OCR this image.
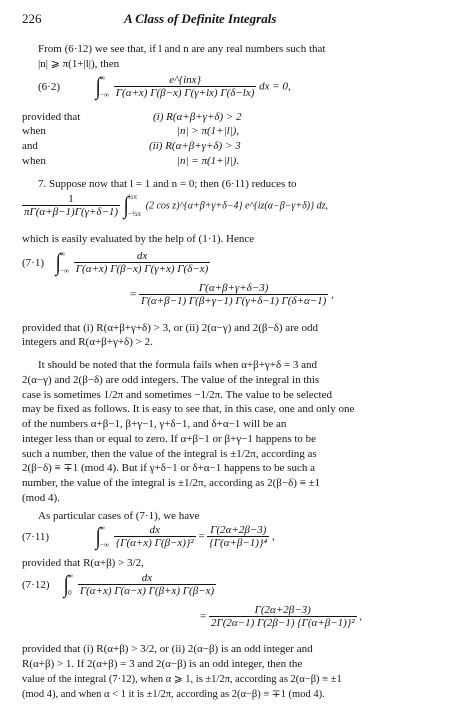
226	A Class of Definite Integrals
From (6·12) we see that, if l and n are any real numbers such that
|n| ⩾ π(1+|l|), then
(6·2) ∫ ∞
−∞
$\frac{\text{e\textasciicircum{}\{inx\}}}{\Gamma(\alpha+x) \Gamma(\beta-x) \Gamma(\gamma+lx) \Gamma(\delta-lx)}$ dx = 0,
provided that	(i) R(α+β+γ+δ) > 2
when	|n| > π(1+|l|),
and	(ii) R(α+β+γ+δ) > 3
when	|n| = π(1+|l|).
7. Suppose now that l = 1 and n = 0; then (6·11) reduces to
$\frac{1}{\pi\Gamma(\alpha+\beta-1)\Gamma(\gamma+\delta-1)}$ ∫ ½π
−½π
(2 cos z)^{α+β+γ+δ−4} e^{iz(α−β−γ+δ)} dz,
which is easily evaluated by the help of (1·1). Hence
(7·1) ∫ ∞
−∞
$\frac{dx}{\Gamma(\alpha+x) \Gamma(\beta-x) \Gamma(\gamma+x) \Gamma(\delta-x)}$
= $\frac{\Gamma(\alpha+\beta+\gamma+\delta-3)}{\Gamma(\alpha+\beta-1) \Gamma(\beta+\gamma-1) \Gamma(\gamma+\delta-1) \Gamma(\delta+\alpha-1)}$ ,
provided that (i) R(α+β+γ+δ) > 3, or (ii) 2(α−γ) and 2(β−δ) are odd
integers and R(α+β+γ+δ) > 2.
It should be noted that the formula fails when α+β+γ+δ = 3 and
2(α−γ) and 2(β−δ) are odd integers. The value of the integral in this
case is sometimes 1/2π and sometimes −1/2π. The value to be selected
may be fixed as follows. It is easy to see that, in this case, one and only one
of the numbers α+β−1, β+γ−1, γ+δ−1, and δ+α−1 will be an
integer less than or equal to zero. If α+β−1 or β+γ−1 happens to be
such a number, then the value of the integral is ±1/2π, according as
2(β−δ) ≡ ∓1 (mod 4). But if γ+δ−1 or δ+α−1 happens to be such a
number, the value of the integral is ±1/2π, according as 2(β−δ) ≡ ±1
(mod 4).
As particular cases of (7·1), we have
(7·11) ∫ ∞
−∞
$\frac{dx}{\text{\{Γ(α+x) Γ(β−x)\}²}} = \frac{\Gamma(2\alpha+2\beta-3)}{\text{\{Γ(α+β−1)\}⁴}}$ ,
provided that R(α+β) > 3/2,
(7·12) ∫ ∞
0
$\frac{dx}{\Gamma(\alpha+x) \Gamma(\alpha-x) \Gamma(\beta+x) \Gamma(\beta-x)}$
= $\frac{\Gamma(2\alpha+2\beta-3)}{\text{2Γ(2α−1) Γ(2β−1) \{Γ(α+β−1)\}²}}$ ,
provided that (i) R(α+β) > 3/2, or (ii) 2(α−β) is an odd integer and
R(α+β) > 1. If 2(α+β) = 3 and 2(α−β) is an odd integer, then the
value of the integral (7·12), when α ⩾ 1, is ±1/2π, according as 2(α−β) ≡ ±1
(mod 4), and when α < 1 it is ±1/2π, according as 2(α−β) ≡ ∓1 (mod 4).
